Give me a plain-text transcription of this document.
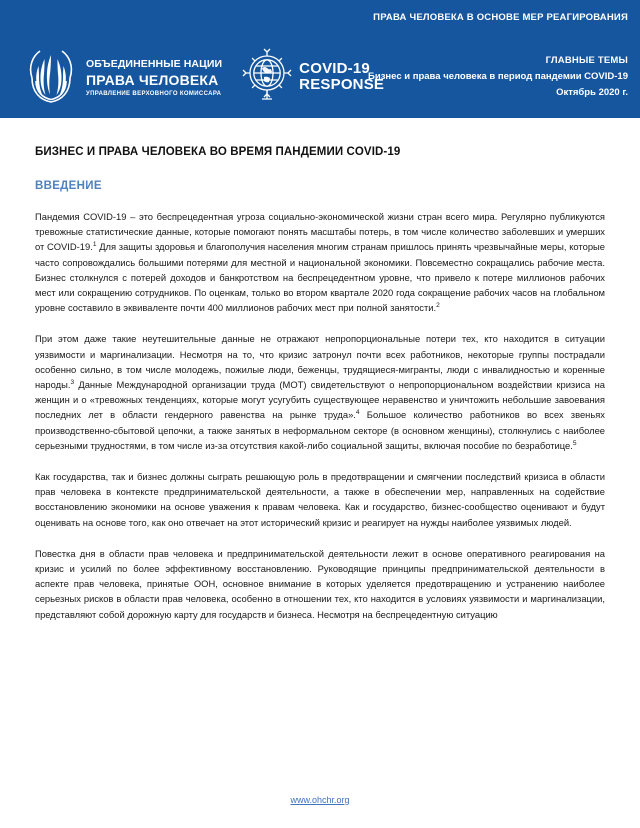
ПРАВА ЧЕЛОВЕКА В ОСНОВЕ МЕР РЕАГИРОВАНИЯ
ОБЪЕДИНЕННЫЕ НАЦИИ
ПРАВА ЧЕЛОВЕКА
УПРАВЛЕНИЕ ВЕРХОВНОГО КОМИССАРА
COVID-19
RESPONSE
ГЛАВНЫЕ ТЕМЫ
Бизнес и права человека в период пандемии COVID-19
Октябрь 2020 г.
БИЗНЕС И ПРАВА ЧЕЛОВЕКА ВО ВРЕМЯ ПАНДЕМИИ COVID-19
ВВЕДЕНИЕ
Пандемия COVID-19 – это беспрецедентная угроза социально-экономической жизни стран всего мира. Регулярно публикуются тревожные статистические данные, которые помогают понять масштабы потерь, в том числе количество заболевших и умерших от COVID-19.$^1$ Для защиты здоровья и благополучия населения многим странам пришлось принять чрезвычайные меры, которые часто сопровождались большими потерями для местной и национальной экономики. Повсеместно сокращались рабочие места. Бизнес столкнулся с потерей доходов и банкротством на беспрецедентном уровне, что привело к потере миллионов рабочих мест или сокращению сотрудников. По оценкам, только во втором квартале 2020 года сокращение рабочих часов на глобальном уровне составило в эквиваленте почти 400 миллионов рабочих мест при полной занятости.$^2$
При этом даже такие неутешительные данные не отражают непропорциональные потери тех, кто находится в ситуации уязвимости и маргинализации. Несмотря на то, что кризис затронул почти всех работников, некоторые группы пострадали особенно сильно, в том числе молодежь, пожилые люди, беженцы, трудящиеся-мигранты, люди с инвалидностью и коренные народы.$^3$ Данные Международной организации труда (МОТ) свидетельствуют о непропорциональном воздействии кризиса на женщин и о «тревожных тенденциях, которые могут усугубить существующее неравенство и уничтожить небольшие завоевания последних лет в области гендерного равенства на рынке труда».$^4$ Большое количество работников во всех звеньях производственно-сбытовой цепочки, а также занятых в неформальном секторе (в основном женщины), столкнулись с наиболее серьезными трудностями, в том числе из-за отсутствия какой-либо социальной защиты, включая пособие по безработице.$^5$
Как государства, так и бизнес должны сыграть решающую роль в предотвращении и смягчении последствий кризиса в области прав человека в контексте предпринимательской деятельности, а также в обеспечении мер, направленных на содействие восстановлению экономики на основе уважения к правам человека. Как и государство, бизнес-сообщество оценивают и будут оценивать на основе того, как оно отвечает на этот исторический кризис и реагирует на нужды наиболее уязвимых людей.
Повестка дня в области прав человека и предпринимательской деятельности лежит в основе оперативного реагирования на кризис и усилий по более эффективному восстановлению. Руководящие принципы предпринимательской деятельности в аспекте прав человека, принятые ООН, основное внимание в которых уделяется предотвращению и устранению наиболее серьезных рисков в области прав человека, особенно в отношении тех, кто находится в условиях уязвимости и маргинализации, представляют собой дорожную карту для государств и бизнеса. Несмотря на беспрецедентную ситуацию
www.ohchr.org
